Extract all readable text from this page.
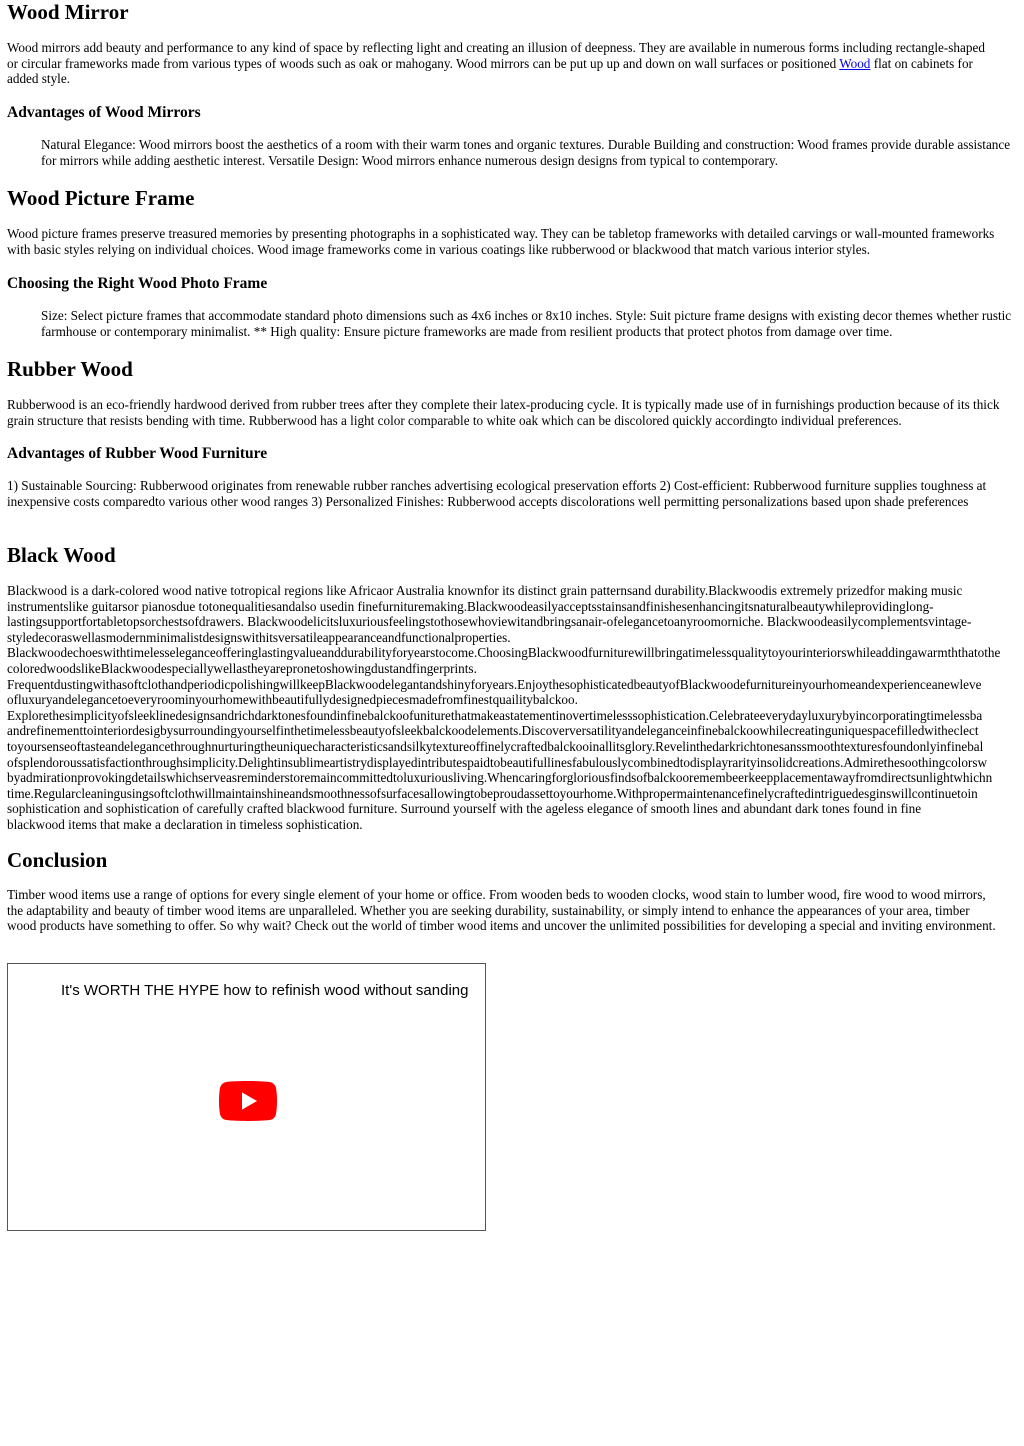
Wood Mirror

Wood mirrors add beauty and performance to any kind of space by reflecting light and creating an illusion of deepness. They are available in numerous forms including rectangle-shaped or circular frameworks made from various types of woods such as oak or mahogany. Wood mirrors can be put up up and down on wall surfaces or positioned Wood flat on cabinets for added style.

Advantages of Wood Mirrors

Natural Elegance: Wood mirrors boost the aesthetics of a room with their warm tones and organic textures. Durable Building and construction: Wood frames provide durable assistance for mirrors while adding aesthetic interest. Versatile Design: Wood mirrors enhance numerous design designs from typical to contemporary.

Wood Picture Frame

Wood picture frames preserve treasured memories by presenting photographs in a sophisticated way. They can be tabletop frameworks with detailed carvings or wall-mounted frameworks with basic styles relying on individual choices. Wood image frameworks come in various coatings like rubberwood or blackwood that match various interior styles.

Choosing the Right Wood Photo Frame

Size: Select picture frames that accommodate standard photo dimensions such as 4x6 inches or 8x10 inches. Style: Suit picture frame designs with existing decor themes whether rustic farmhouse or contemporary minimalist. ** High quality: Ensure picture frameworks are made from resilient products that protect photos from damage over time.

Rubber Wood

Rubberwood is an eco-friendly hardwood derived from rubber trees after they complete their latex-producing cycle. It is typically made use of in furnishings production because of its thick grain structure that resists bending with time. Rubberwood has a light color comparable to white oak which can be discolored quickly accordingto individual preferences.

Advantages of Rubber Wood Furniture

1) Sustainable Sourcing: Rubberwood originates from renewable rubber ranches advertising ecological preservation efforts 2) Cost-efficient: Rubberwood furniture supplies toughness at inexpensive costs comparedto various other wood ranges 3) Personalized Finishes: Rubberwood accepts discolorations well permitting personalizations based upon shade preferences

Black Wood
Blackwood is a dark-colored wood native totropical regions like Africaor Australia knownfor its distinct grain patternsand durability.Blackwoodis extremely prizedfor making music
instrumentslike guitarsor pianosdue totonequalitiesandalso usedin finefurnituremaking.Blackwoodeasilyacceptsstainsandfinishesenhancingitsnaturalbeautywhileprovidinglong-
lastingsupportfortabletopsorchestsofdrawers. Blackwoodelicitsluxuriousfeelingstothosewhoviewitandbringsanair-ofelegancetoanyroomorniche. Blackwoodeasilycomplementsvintage-
styledecoraswellasmodernminimalistdesignswithitsversatileappearanceandfunctionalproperties.
Blackwoodechoeswithtimelesseleganceofferinglastingvalueanddurabilityforyearstocome.ChoosingBlackwoodfurniturewillbringatimelessqualitytoyourinteriorswhileaddingawarmththatothe
coloredwoodslikeBlackwoodespeciallywellastheyarepronetoshowingdustandfingerprints.
FrequentdustingwithasoftclothandperiodicpolishingwillkeepBlackwoodelegantandshinyforyears.EnjoythesophisticatedbeautyofBlackwoodefurnitureinyourhomeandexperienceanewleve
ofluxuryandelegancetoeveryroominyourhomewithbeautifullydesignedpiecesmadefromfinestquailitybalckoo.
Explorethesimplicityofsleeklinedesignsandrichdarktonesfoundinfinebalckoofuniturethatmakeastatementinovertimelesssophistication.Celebrateeverydayluxurybyincorporatingtimelessba
andrefinementtointeriordesigbysurroundingyourselfinthetimelessbeautyofsleekbalckoodelements.Discoverversatilityandeleganceinfinebalckoowhilecreatinguniquespacefilledwitheclect
toyoursenseoftasteandelegancethroughnurturingtheuniquecharacteristicsandsilkytextureoffinelycraftedbalckooinallitsglory.Revelinthedarkrichtonesanssmoothtexturesfoundonlyinfinebal
ofsplendoroussatisfactionthroughsimplicity.Delightinsublimeartistrydisplayedintributespaidtobeautifullinesfabulouslycombinedtodisplayrarityinsolidcreations.Admirethesoothingcolorsw
byadmirationprovokingdetailswhichserveasreminderstoremaincommittedtoluxuriousliving.Whencaringforgloriousfindsofbalckooremembeerkeepplacementawayfromdirectsunlightwhichn
time.Regularcleaningusingsoftclothwillmaintainshineandsmoothnessofsurfacesallowingtobeproudassettoyourhome.Withpropermaintenancefinelycraftedintriguedesginswillcontinuetoin
sophistication and sophistication of carefully crafted blackwood furniture. Surround yourself with the ageless elegance of smooth lines and abundant dark tones found in fine
blackwood items that make a declaration in timeless sophistication.
Conclusion

Timber wood items use a range of options for every single element of your home or office. From wooden beds to wooden clocks, wood stain to lumber wood, fire wood to wood mirrors, the adaptability and beauty of timber wood items are unparalleled. Whether you are seeking durability, sustainability, or simply intend to enhance the appearances of your area, timber wood products have something to offer. So why wait? Check out the world of timber wood items and uncover the unlimited possibilities for developing a special and inviting environment.

It's WORTH THE HYPE how to refinish wood without sanding
